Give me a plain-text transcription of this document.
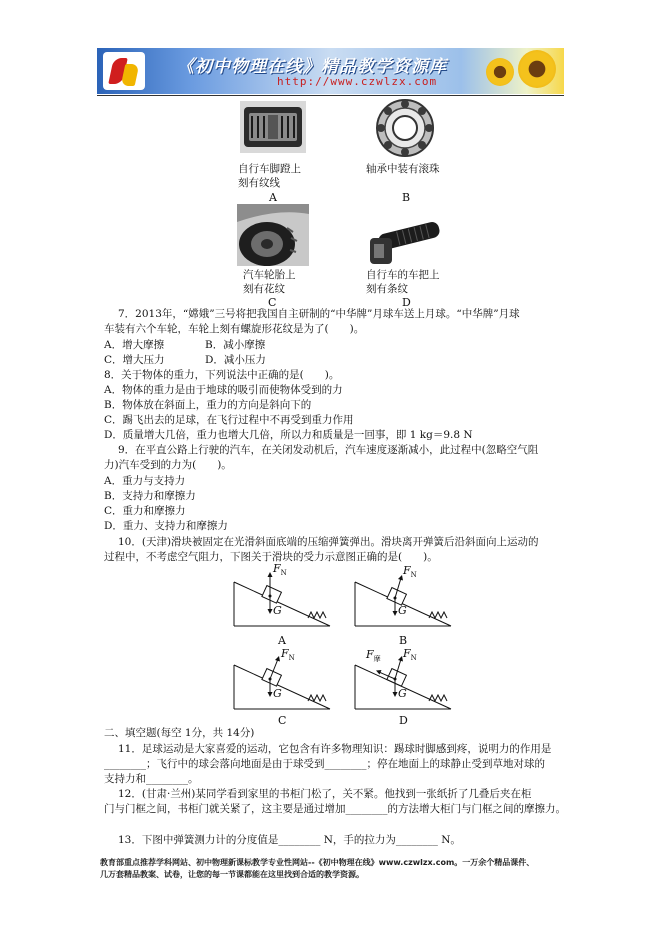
《初中物理在线》精品教学资源库
http://www.czwlzx.com
自行车脚蹬上
刻有纹线
A
轴承中装有滚珠
B
汽车轮胎上
刻有花纹
C
自行车的车把上
刻有条纹
D
7．2013年，“嫦娥”三号将把我国自主研制的“中华牌”月球车送上月球。“中华牌”月球
车装有六个车轮，车轮上刻有螺旋形花纹是为了(　　)。
A．增大摩擦	B．减小摩擦
C．增大压力	D．减小压力
8．关于物体的重力，下列说法中正确的是(　　)。
A．物体的重力是由于地球的吸引而使物体受到的力
B．物体放在斜面上，重力的方向是斜向下的
C．踢飞出去的足球，在飞行过程中不再受到重力作用
D．质量增大几倍，重力也增大几倍，所以力和质量是一回事，即 1 kg＝9.8 N
9．在平直公路上行驶的汽车，在关闭发动机后，汽车速度逐渐减小，此过程中(忽略空气阻
力)汽车受到的力为(　　)。
A．重力与支持力
B．支持力和摩擦力
C．重力和摩擦力
D．重力、支持力和摩擦力
10．(天津)滑块被固定在光滑斜面底端的压缩弹簧弹出。滑块离开弹簧后沿斜面向上运动的
过程中，不考虑空气阻力，下图关于滑块的受力示意图正确的是(　　)。
$F_N$
G
A
$F_N$
G
B
$F_N$
G
C
$F_N$
$F_摩$
G
D
二、填空题(每空 1分，共 14分)
11．足球运动是大家喜爱的运动，它包含有许多物理知识：踢球时脚感到疼，说明力的作用是
________；飞行中的球会落向地面是由于球受到________；停在地面上的球静止受到草地对球的
支持力和________。
12．(甘肃·兰州)某同学看到家里的书柜门松了，关不紧。他找到一张纸折了几叠后夹在柜
门与门框之间，书柜门就关紧了，这主要是通过增加________的方法增大柜门与门框之间的摩擦力。
13．下图中弹簧测力计的分度值是________ N，手的拉力为________ N。
教育部重点推荐学科网站、初中物理新课标教学专业性网站--《初中物理在线》www.czwlzx.com。一万余个精品课件、
几万套精品教案、试卷，让您的每一节课都能在这里找到合适的教学资源。
